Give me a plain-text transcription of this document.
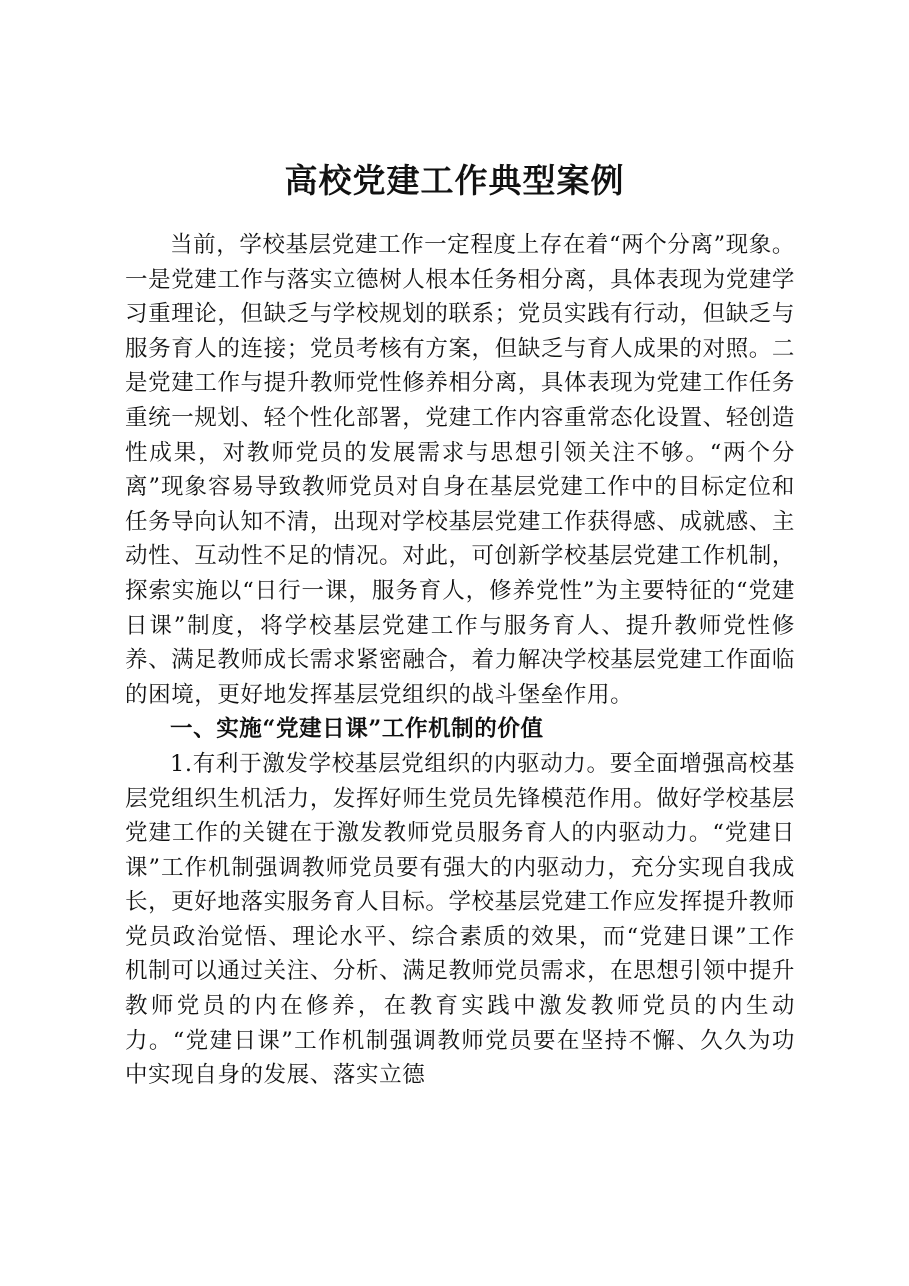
高校党建工作典型案例

当前，学校基层党建工作一定程度上存在着“两个分离”现象。一是党建工作与落实立德树人根本任务相分离，具体表现为党建学习重理论，但缺乏与学校规划的联系；党员实践有行动，但缺乏与服务育人的连接；党员考核有方案，但缺乏与育人成果的对照。二是党建工作与提升教师党性修养相分离，具体表现为党建工作任务重统一规划、轻个性化部署，党建工作内容重常态化设置、轻创造性成果，对教师党员的发展需求与思想引领关注不够。“两个分离”现象容易导致教师党员对自身在基层党建工作中的目标定位和任务导向认知不清，出现对学校基层党建工作获得感、成就感、主动性、互动性不足的情况。对此，可创新学校基层党建工作机制，探索实施以“日行一课，服务育人，修养党性”为主要特征的“党建日课”制度，将学校基层党建工作与服务育人、提升教师党性修养、满足教师成长需求紧密融合，着力解决学校基层党建工作面临的困境，更好地发挥基层党组织的战斗堡垒作用。

一、实施“党建日课”工作机制的价值

1.有利于激发学校基层党组织的内驱动力。要全面增强高校基层党组织生机活力，发挥好师生党员先锋模范作用。做好学校基层党建工作的关键在于激发教师党员服务育人的内驱动力。“党建日课”工作机制强调教师党员要有强大的内驱动力，充分实现自我成长，更好地落实服务育人目标。学校基层党建工作应发挥提升教师党员政治觉悟、理论水平、综合素质的效果，而“党建日课”工作机制可以通过关注、分析、满足教师党员需求，在思想引领中提升教师党员的内在修养，在教育实践中激发教师党员的内生动力。“党建日课”工作机制强调教师党员要在坚持不懈、久久为功中实现自身的发展、落实立德
